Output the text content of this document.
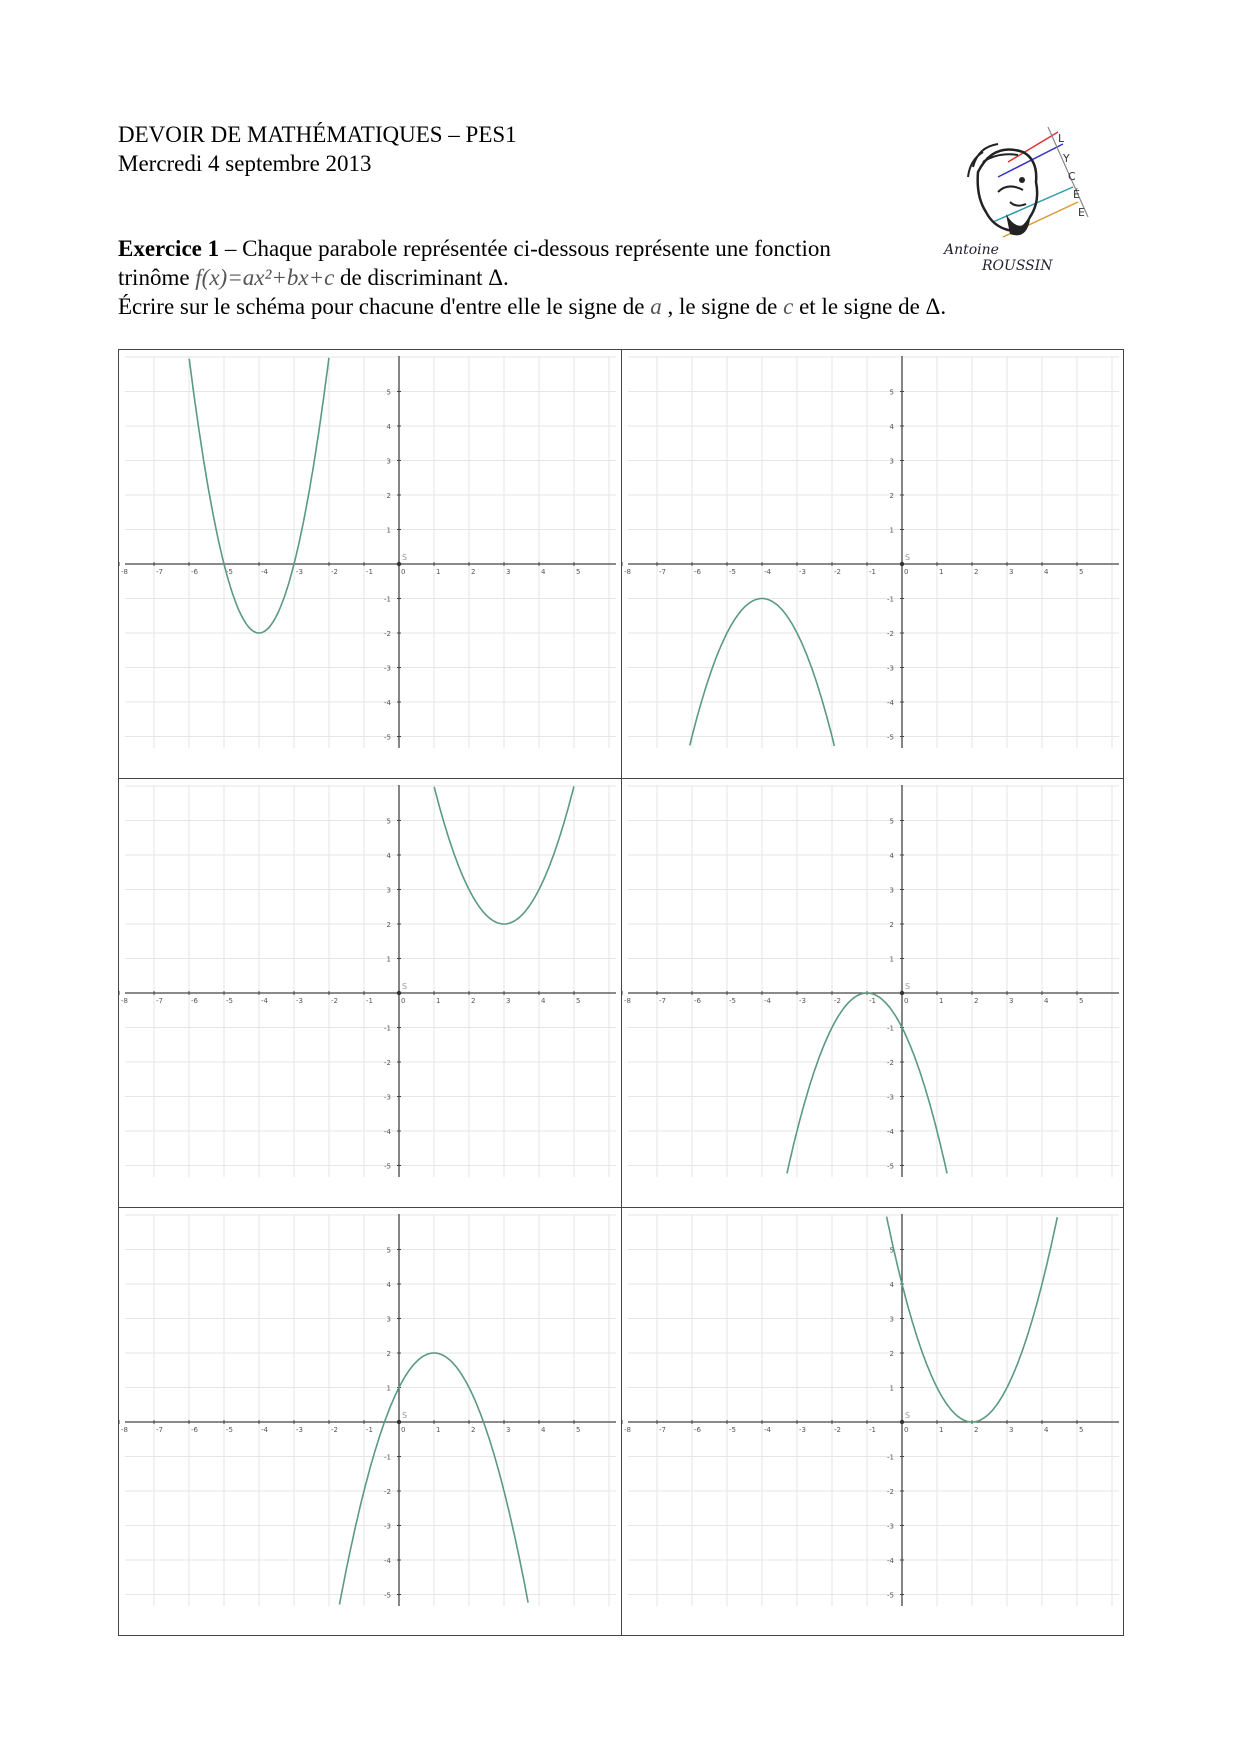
DEVOIR DE MATHÉMATIQUES – PES1
Mercredi 4 septembre 2013
Exercice 1 – Chaque parabole représentée ci-dessous représente une fonction
trinôme f(x)=ax²+bx+c de discriminant Δ.
Écrire sur le schéma pour chacune d'entre elle le signe de a , le signe de c et le signe de Δ.
L
Y
C
É
E
Antoine
ROUSSIN
-8	-7	-6	-5	-4	-3	-2	-1	0	1	2	3	4	5
-5
-4
-3
-2
-1
1
2
3
4
5
S
-8	-7	-6	-5	-4	-3	-2	-1	0	1	2	3	4	5
-5
-4
-3
-2
-1
1
2
3
4
5
S
-8	-7	-6	-5	-4	-3	-2	-1	0	1	2	3	4	5
-5
-4
-3
-2
-1
1
2
3
4
5
S
-8	-7	-6	-5	-4	-3	-2	-1	0	1	2	3	4	5
-5
-4
-3
-2
-1
1
2
3
4
5
S
-8	-7	-6	-5	-4	-3	-2	-1	0	1	2	3	4	5
-5
-4
-3
-2
-1
1
2
3
4
5
S
-8	-7	-6	-5	-4	-3	-2	-1	0	1	2	3	4	5
-5
-4
-3
-2
-1
1
2
3
4
5
S
